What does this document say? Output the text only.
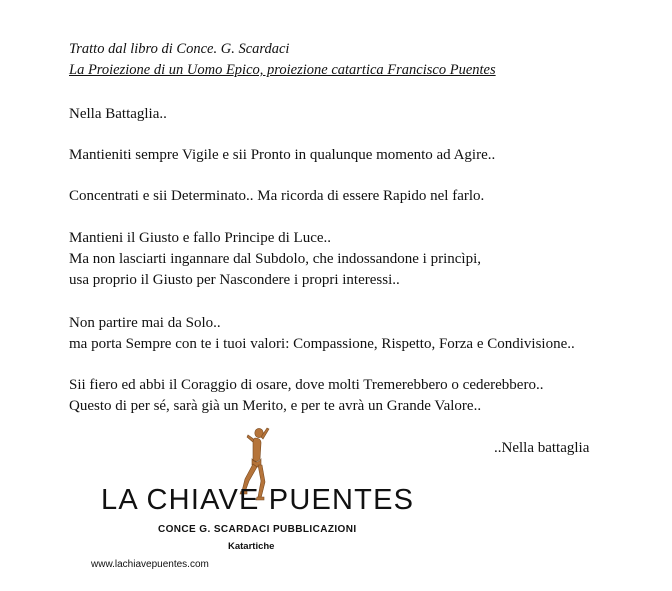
Tratto dal libro di Conce. G. Scardaci
La Proiezione di un Uomo Epico, proiezione catartica Francisco Puentes
Nella Battaglia..
Mantieniti sempre Vigile e sii Pronto in qualunque momento ad Agire..
Concentrati e sii Determinato.. Ma ricorda di essere Rapido nel farlo.
Mantieni il Giusto e fallo Principe di Luce..
Ma non lasciarti ingannare dal Subdolo, che indossandone i princìpi,
usa proprio il Giusto per Nascondere i propri interessi..
Non partire mai da Solo..
ma porta Sempre con te i tuoi valori: Compassione, Rispetto, Forza e Condivisione..
Sii fiero ed abbi il Coraggio di osare, dove molti Tremerebbero o cederebbero..
Questo di per sé, sarà già un Merito, e per te avrà un Grande Valore..
..Nella battaglia
LA CHIAVE PUENTES
CONCE G. SCARDACI PUBBLICAZIONI
Katartiche
www.lachiavepuentes.com
